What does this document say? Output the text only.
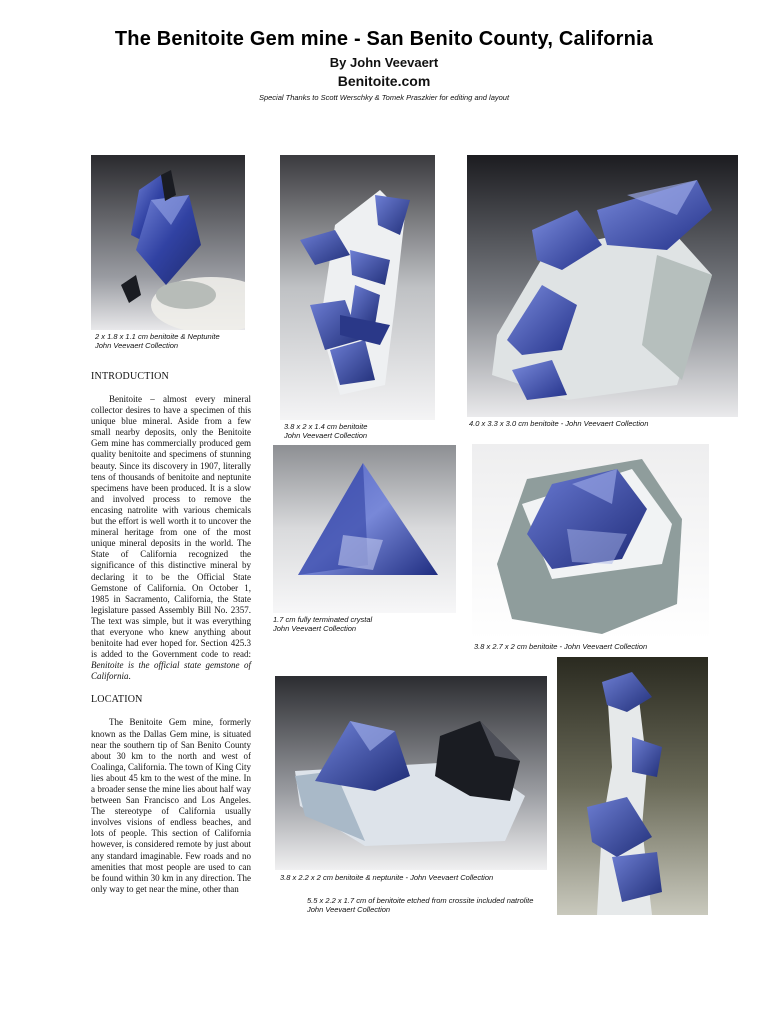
The Benitoite Gem mine - San Benito County, California
By John Veevaert
Benitoite.com
Special Thanks to Scott Werschky & Tomek Praszkier for editing and layout
2 x 1.8 x 1.1 cm benitoite & Neptunite
John Veevaert Collection
3.8 x 2 x 1.4 cm benitoite
John Veevaert Collection
4.0 x 3.3 x 3.0 cm benitoite - John Veevaert Collection
1.7 cm fully terminated crystal
John Veevaert Collection
3.8 x 2.7 x 2 cm benitoite - John Veevaert Collection
3.8 x 2.2 x 2 cm benitoite & neptunite - John Veevaert Collection
5.5 x 2.2 x 1.7 cm of benitoite etched from crossite included natrolite
John Veevaert Collection
INTRODUCTION

Benitoite – almost every mineral collector desires to have a specimen of this unique blue mineral. Aside from a few small nearby deposits, only the Benitoite Gem mine has commercially produced gem quality benitoite and specimens of stunning beauty. Since its discovery in 1907, literally tens of thousands of benitoite and neptunite specimens have been produced. It is a slow and involved process to remove the encasing natrolite with various chemicals but the effort is well worth it to uncover the mineral heritage from one of the most unique mineral deposits in the world. The State of California recognized the significance of this distinctive mineral by declaring it to be the Official State Gemstone of California. On October 1, 1985 in Sacramento, California, the State legislature passed Assembly Bill No. 2357. The text was simple, but it was everything that everyone who knew anything about benitoite had ever hoped for. Section 425.3 is added to the Government code to read: Benitoite is the official state gemstone of California.

LOCATION

The Benitoite Gem mine, formerly known as the Dallas Gem mine, is situated near the southern tip of San Benito County about 30 km to the north and west of Coalinga, California. The town of King City lies about 45 km to the west of the mine. In a broader sense the mine lies about half way between San Francisco and Los Angeles. The stereotype of California usually involves visions of endless beaches, and lots of people. This section of California however, is considered remote by just about any standard imaginable. Few roads and no amenities that most people are used to can be found within 30 km in any direction. The only way to get near the mine, other than
